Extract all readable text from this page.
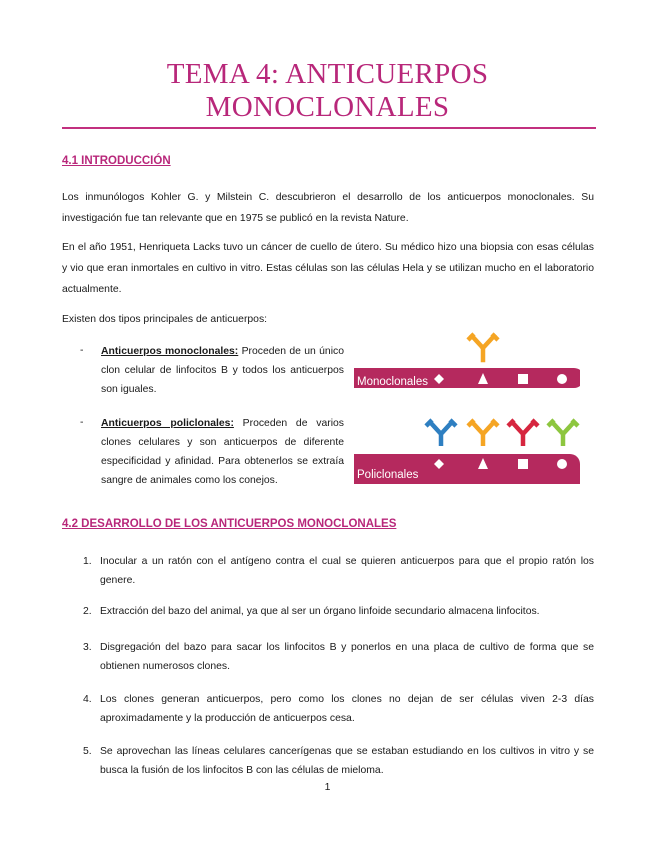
TEMA 4: ANTICUERPOS
MONOCLONALES
4.1 INTRODUCCIÓN

Los inmunólogos Kohler G. y Milstein C. descubrieron el desarrollo de los anticuerpos monoclonales. Su investigación fue tan relevante que en 1975 se publicó en la revista Nature.

En el año 1951, Henriqueta Lacks tuvo un cáncer de cuello de útero. Su médico hizo una biopsia con esas células y vio que eran inmortales en cultivo in vitro. Estas células son las células Hela y se utilizan mucho en el laboratorio actualmente.

Existen dos tipos principales de anticuerpos:

- Anticuerpos monoclonales: Proceden de un único clon celular de linfocitos B y todos los anticuerpos son iguales.

- Anticuerpos policlonales: Proceden de varios clones celulares y son anticuerpos de diferente especificidad y afinidad. Para obtenerlos se extraía sangre de animales como los conejos.

Monoclonales
Policlonales
4.2 DESARROLLO DE LOS ANTICUERPOS MONOCLONALES
1. Inocular a un ratón con el antígeno contra el cual se quieren anticuerpos para que el propio ratón los genere.
2. Extracción del bazo del animal, ya que al ser un órgano linfoide secundario almacena linfocitos.
3. Disgregación del bazo para sacar los linfocitos B y ponerlos en una placa de cultivo de forma que se obtienen numerosos clones.
4. Los clones generan anticuerpos, pero como los clones no dejan de ser células viven 2-3 días aproximadamente y la producción de anticuerpos cesa.
5. Se aprovechan las líneas celulares cancerígenas que se estaban estudiando en los cultivos in vitro y se busca la fusión de los linfocitos B con las células de mieloma.
1
